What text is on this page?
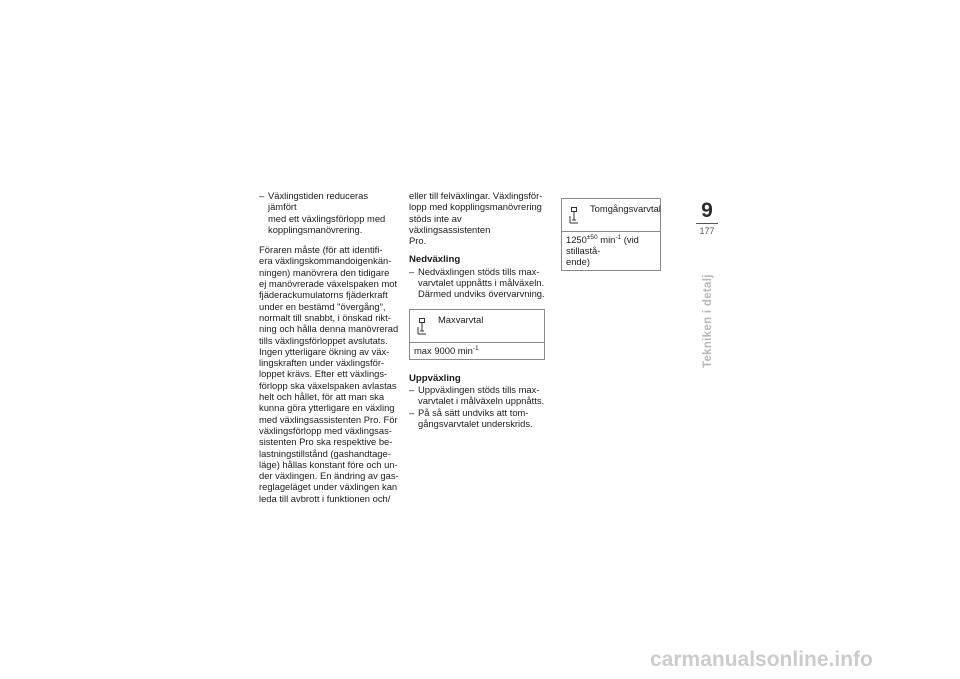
– Växlingstiden reduceras jämfört

med ett växlingsförlopp med

kopplingsmanövrering.

Föraren måste (för att identifi-

era växlingskommandoigenkän-

ningen) manövrera den tidigare

ej manövrerade växelspaken mot

fjäderackumulatorns fjäderkraft

under en bestämd "övergång",

normalt till snabbt, i önskad rikt-

ning och hålla denna manövrerad

tills växlingsförloppet avslutats.

Ingen ytterligare ökning av väx-

lingskraften under växlingsför-

loppet krävs. Efter ett växlings-

förlopp ska växelspaken avlastas

helt och hållet, för att man ska

kunna göra ytterligare en växling

med växlingsassistenten Pro. För

växlingsförlopp med växlingsas-

sistenten Pro ska respektive be-

lastningstillstånd (gashandtage-

läge) hållas konstant före och un-

der växlingen. En ändring av gas-

reglageläget under växlingen kan

leda till avbrott i funktionen och/

eller till felväxlingar. Växlingsför-

lopp med kopplingsmanövrering

stöds inte av växlingsassistenten

Pro.

Nedväxling

– Nedväxlingen stöds tills max-

varvtalet uppnåtts i målväxeln.

Därmed undviks övervarvning.

Maxvarvtal
max 9000 $\min^{-1}$

Uppväxling

– Uppväxlingen stöds tills max-

varvtalet i målväxeln uppnåtts.

– På så sätt undviks att tom-

gångsvarvtalet underskrids.

Tomgångsvarvtal
$1250^{\pm 50}$ $\min^{-1} (vid$ stillastå-
ende)
9
177
Tekniken i detalj
carmanualsonline.info
